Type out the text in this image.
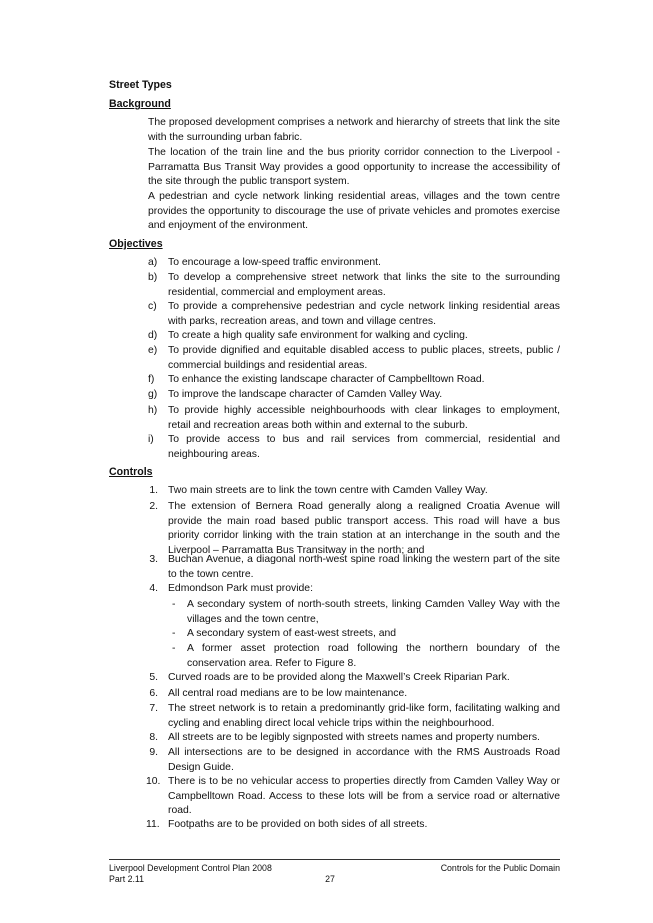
Street Types
Background
The proposed development comprises a network and hierarchy of streets that link the site with the surrounding urban fabric.
The location of the train line and the bus priority corridor connection to the Liverpool - Parramatta Bus Transit Way provides a good opportunity to increase the accessibility of the site through the public transport system.
A pedestrian and cycle network linking residential areas, villages and the town centre provides the opportunity to discourage the use of private vehicles and promotes exercise and enjoyment of the environment.
Objectives
a) To encourage a low-speed traffic environment.
b) To develop a comprehensive street network that links the site to the surrounding residential, commercial and employment areas.
c) To provide a comprehensive pedestrian and cycle network linking residential areas with parks, recreation areas, and town and village centres.
d) To create a high quality safe environment for walking and cycling.
e) To provide dignified and equitable disabled access to public places, streets, public / commercial buildings and residential areas.
f) To enhance the existing landscape character of Campbelltown Road.
g) To improve the landscape character of Camden Valley Way.
h) To provide highly accessible neighbourhoods with clear linkages to employment, retail and recreation areas both within and external to the suburb.
i) To provide access to bus and rail services from commercial, residential and neighbouring areas.
Controls
1. Two main streets are to link the town centre with Camden Valley Way.
2. The extension of Bernera Road generally along a realigned Croatia Avenue will provide the main road based public transport access. This road will have a bus priority corridor linking with the train station at an interchange in the south and the Liverpool – Parramatta Bus Transitway in the north; and
3. Buchan Avenue, a diagonal north-west spine road linking the western part of the site to the town centre.
4. Edmondson Park must provide:
- A secondary system of north-south streets, linking Camden Valley Way with the villages and the town centre,
- A secondary system of east-west streets, and
- A former asset protection road following the northern boundary of the conservation area. Refer to Figure 8.
5. Curved roads are to be provided along the Maxwell’s Creek Riparian Park.
6. All central road medians are to be low maintenance.
7. The street network is to retain a predominantly grid-like form, facilitating walking and cycling and enabling direct local vehicle trips within the neighbourhood.
8. All streets are to be legibly signposted with streets names and property numbers.
9. All intersections are to be designed in accordance with the RMS Austroads Road Design Guide.
10. There is to be no vehicular access to properties directly from Camden Valley Way or Campbelltown Road. Access to these lots will be from a service road or alternative road.
11. Footpaths are to be provided on both sides of all streets.
Liverpool Development Control Plan 2008
Part 2.11	27
Controls for the Public Domain
